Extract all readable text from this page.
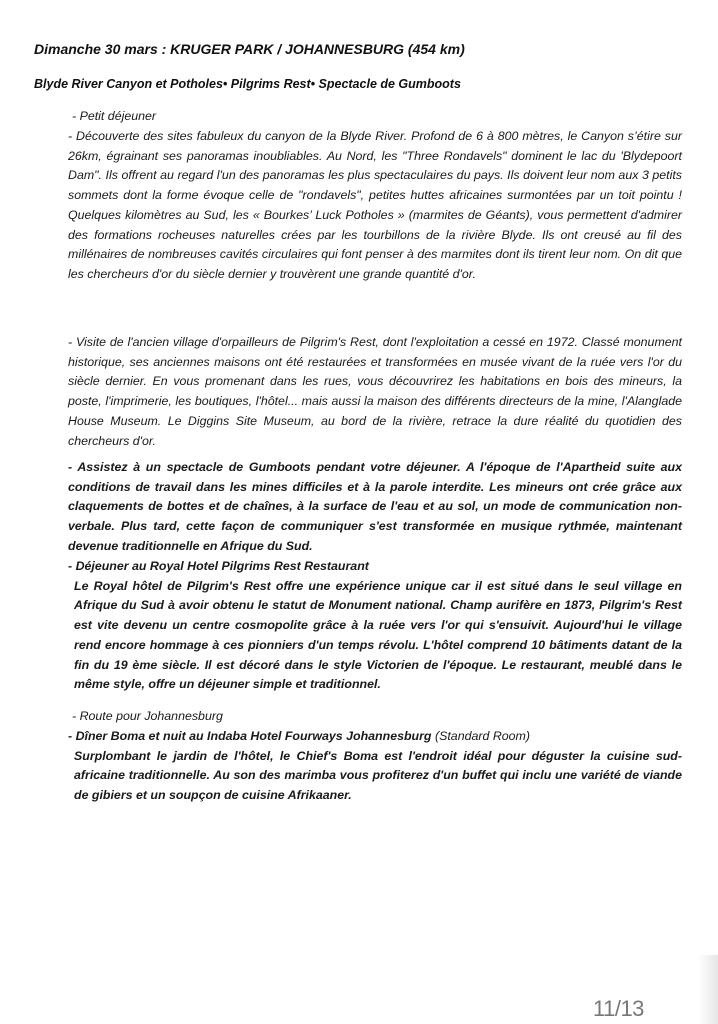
Dimanche 30 mars : KRUGER PARK / JOHANNESBURG (454 km)
Blyde River Canyon et Potholes• Pilgrims Rest• Spectacle de Gumboots
- Petit déjeuner
- Découverte des sites fabuleux du canyon de la Blyde River. Profond de 6 à 800 mètres, le Canyon s’étire sur 26km, égrainant ses panoramas inoubliables. Au Nord, les "Three Rondavels" dominent le lac du 'Blydepoort Dam". Ils offrent au regard l'un des panoramas les plus spectaculaires du pays. Ils doivent leur nom aux 3 petits sommets dont la forme évoque celle de "rondavels", petites huttes africaines surmontées par un toit pointu ! Quelques kilomètres au Sud, les « Bourkes’ Luck Potholes » (marmites de Géants), vous permettent d'admirer des formations rocheuses naturelles crées par les tourbillons de la rivière Blyde. Ils ont creusé au fil des millénaires de nombreuses cavités circulaires qui font penser à des marmites dont ils tirent leur nom. On dit que les chercheurs d'or du siècle dernier y trouvèrent une grande quantité d'or.
- Visite de l'ancien village d'orpailleurs de Pilgrim's Rest, dont l'exploitation a cessé en 1972. Classé monument historique, ses anciennes maisons ont été restaurées et transformées en musée vivant de la ruée vers l'or du siècle dernier. En vous promenant dans les rues, vous découvrirez les habitations en bois des mineurs, la poste, l'imprimerie, les boutiques, l'hôtel... mais aussi la maison des différents directeurs de la mine, l'Alanglade House Museum. Le Diggins Site Museum, au bord de la rivière, retrace la dure réalité du quotidien des chercheurs d'or.
- Assistez à un spectacle de Gumboots pendant votre déjeuner. A l'époque de l'Apartheid suite aux conditions de travail dans les mines difficiles et à la parole interdite. Les mineurs ont crée grâce aux claquements de bottes et de chaînes, à la surface de l'eau et au sol, un mode de communication non-verbale. Plus tard, cette façon de communiquer s'est transformée en musique rythmée, maintenant devenue traditionnelle en Afrique du Sud.
- Déjeuner au Royal Hotel Pilgrims Rest Restaurant
Le Royal hôtel de Pilgrim's Rest offre une expérience unique car il est situé dans le seul village en Afrique du Sud à avoir obtenu le statut de Monument national. Champ aurifère en 1873, Pilgrim's Rest est vite devenu un centre cosmopolite grâce à la ruée vers l'or qui s'ensuivit. Aujourd'hui le village rend encore hommage à ces pionniers d'un temps révolu. L'hôtel comprend 10 bâtiments datant de la fin du 19 ème siècle. Il est décoré dans le style Victorien de l'époque. Le restaurant, meublé dans le même style, offre un déjeuner simple et traditionnel.
- Route pour Johannesburg
- Dîner Boma et nuit au Indaba Hotel Fourways Johannesburg (Standard Room)
Surplombant le jardin de l'hôtel, le Chief's Boma est l'endroit idéal pour déguster la cuisine sud-africaine traditionnelle. Au son des marimba vous profiterez d'un buffet qui inclu une variété de viande de gibiers et un soupçon de cuisine Afrikaaner.
11/13
